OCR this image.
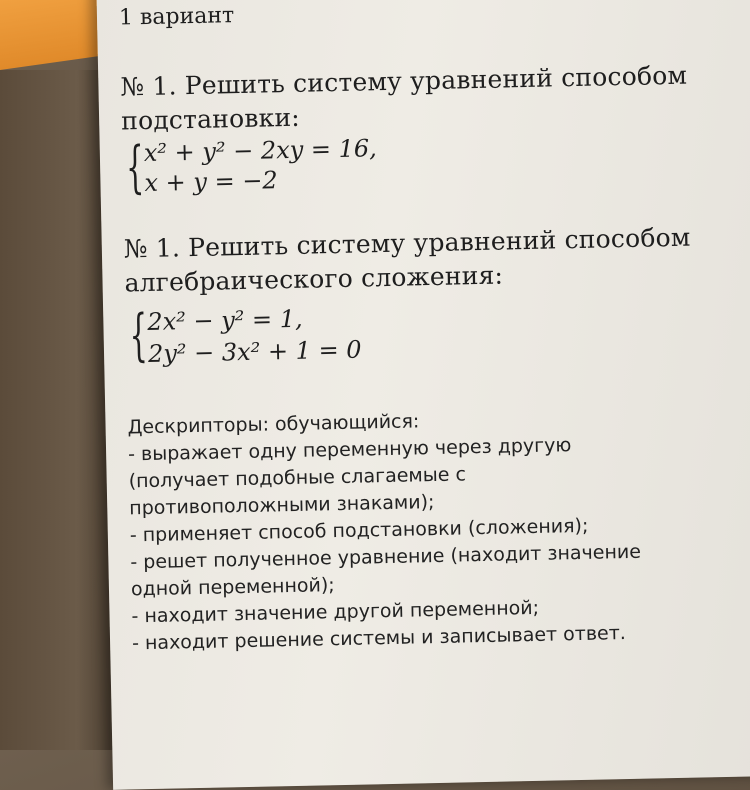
1 вариант
№ 1. Решить систему уравнений способом
подстановки:
{
x² + y² − 2xy = 16,
x + y = −2
№ 1. Решить систему уравнений способом
алгебраического сложения:
{
2x² − y² = 1,
2y² − 3x² + 1 = 0
Дескрипторы: обучающийся:
- выражает одну переменную через другую
(получает подобные слагаемые с
противоположными знаками);
- применяет способ подстановки (сложения);
- решет полученное уравнение (находит значение
одной переменной);
- находит значение другой переменной;
- находит решение системы и записывает ответ.
